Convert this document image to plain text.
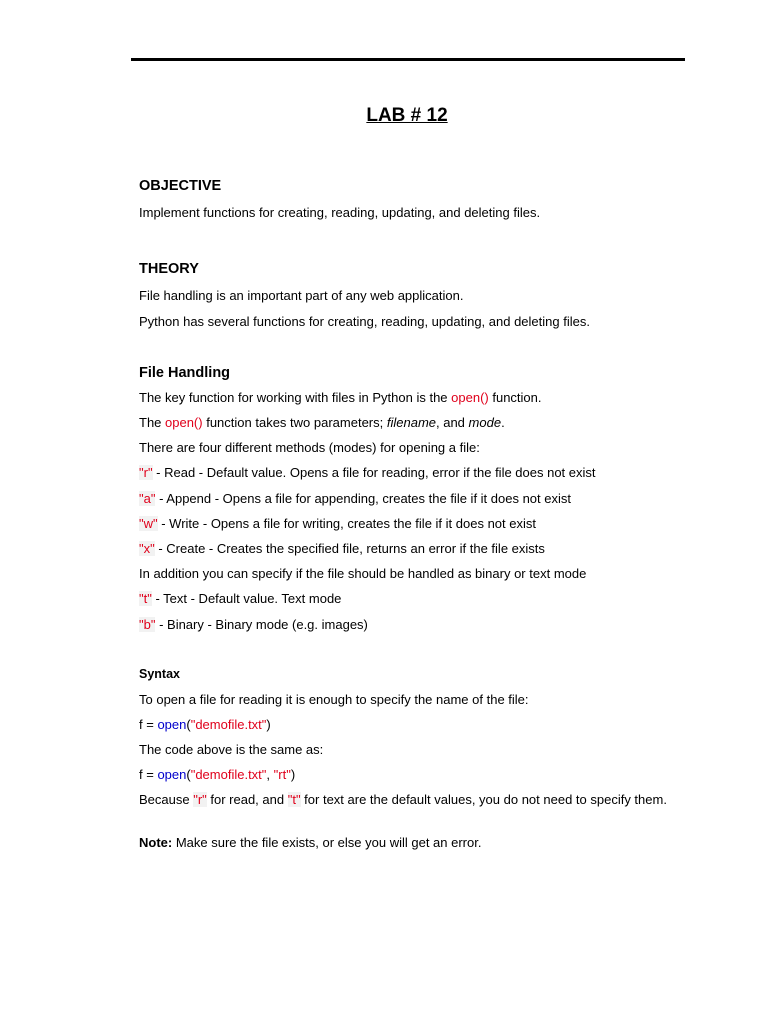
LAB # 12
OBJECTIVE
Implement functions for creating, reading, updating, and deleting files.
THEORY
File handling is an important part of any web application.
Python has several functions for creating, reading, updating, and deleting files.
File Handling
The key function for working with files in Python is the open() function.
The open() function takes two parameters; filename, and mode.
There are four different methods (modes) for opening a file:
"r" - Read - Default value. Opens a file for reading, error if the file does not exist
"a" - Append - Opens a file for appending, creates the file if it does not exist
"w" - Write - Opens a file for writing, creates the file if it does not exist
"x" - Create - Creates the specified file, returns an error if the file exists
In addition you can specify if the file should be handled as binary or text mode
"t" - Text - Default value. Text mode
"b" - Binary - Binary mode (e.g. images)
Syntax
To open a file for reading it is enough to specify the name of the file:
f = open("demofile.txt")
The code above is the same as:
f = open("demofile.txt", "rt")
Because "r" for read, and "t" for text are the default values, you do not need to specify them.
Note: Make sure the file exists, or else you will get an error.
